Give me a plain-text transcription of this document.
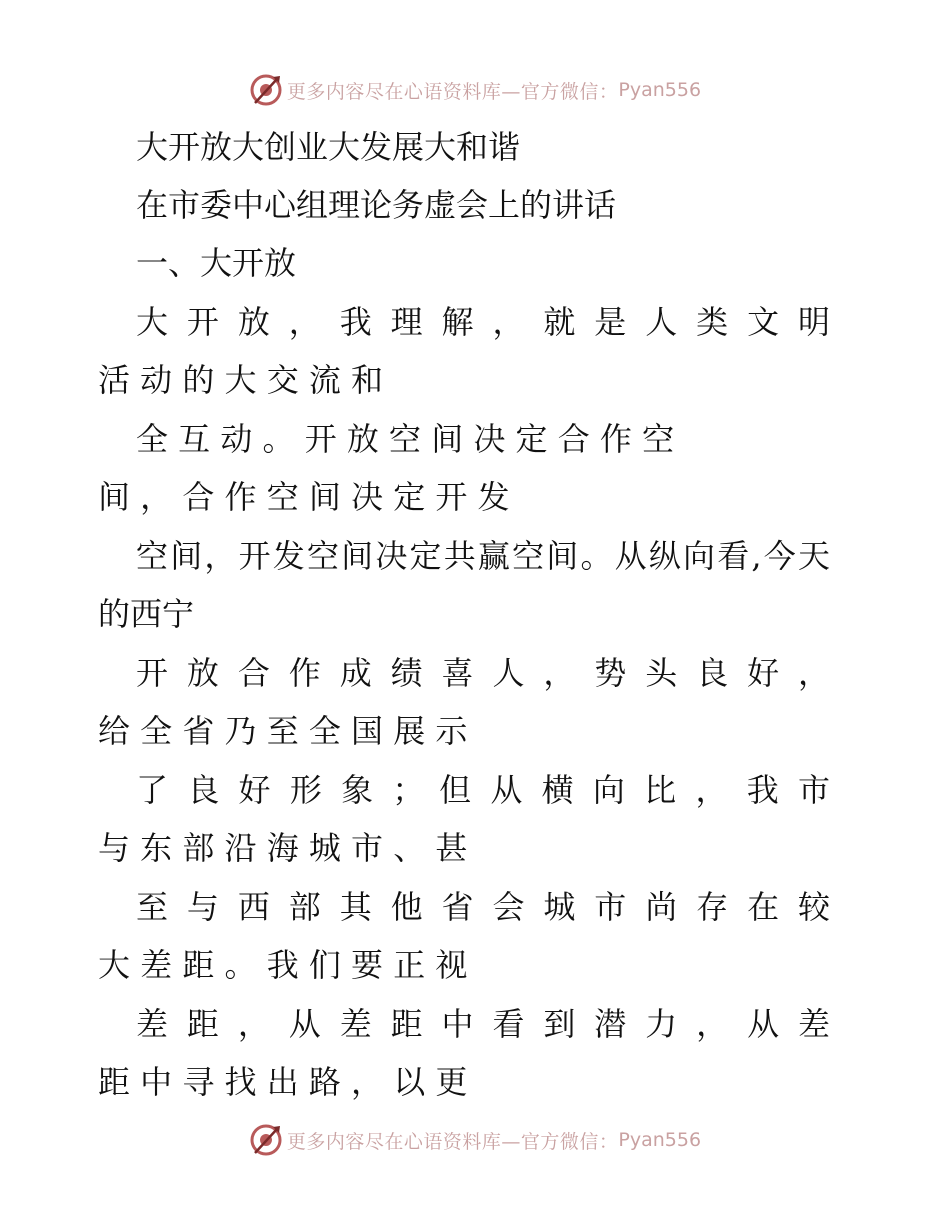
更多内容尽在心语资料库—官方微信： Pyan556
大开放大创业大发展大和谐
在市委中心组理论务虚会上的讲话
一、大开放
大 开 放 ， 我 理 解 ， 就 是 人 类 文 明
活 动 的 大 交 流 和
全 互 动 。 开 放 空 间 决 定 合 作 空
间 ， 合 作 空 间 决 定 开 发
空间，开发空间决定共赢空间。从纵向看,今天
的西宁
开 放 合 作 成 绩 喜 人 ， 势 头 良 好 ，
给 全 省 乃 至 全 国 展 示
了 良 好 形 象 ； 但 从 横 向 比 ， 我 市
与 东 部 沿 海 城 市 、 甚
至 与 西 部 其 他 省 会 城 市 尚 存 在 较
大 差 距 。 我 们 要 正 视
差 距 ， 从 差 距 中 看 到 潜 力 ， 从 差
距 中 寻 找 出 路 ， 以 更
更多内容尽在心语资料库—官方微信： Pyan556
